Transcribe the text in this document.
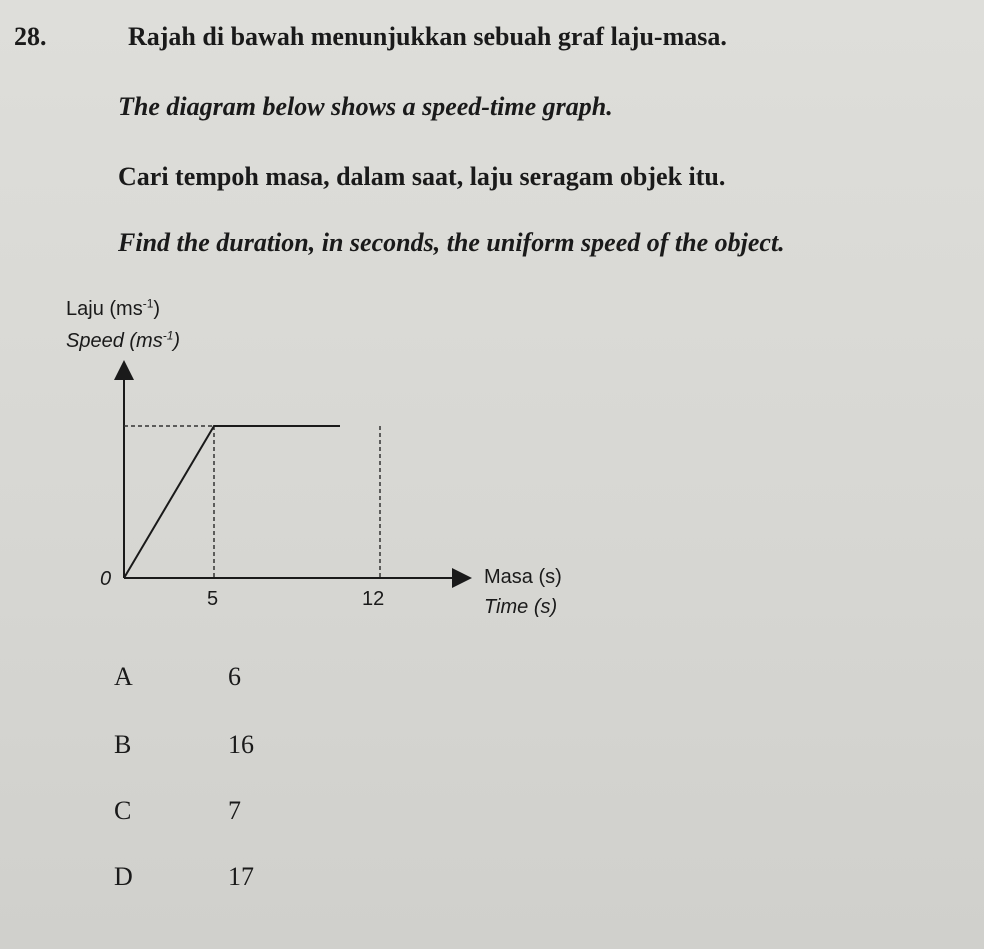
28.	Rajah di bawah menunjukkan sebuah graf laju-masa.
The diagram below shows a speed-time graph.
Cari tempoh masa, dalam saat, laju seragam objek itu.
Find the duration, in seconds, the uniform speed of the object.
Laju $(ms^{-1})$
Speed $(ms^{-1})$
0
5	12
Masa (s)
Time (s)
A	6
B	16
C	7
D	17
